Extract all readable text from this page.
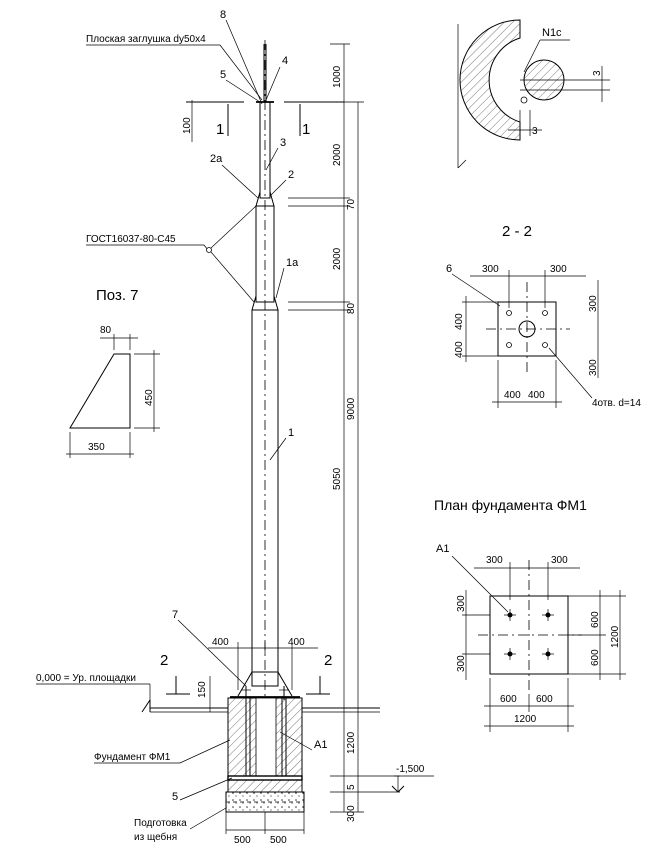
8
Плоская заглушка dy50x4
4
5
1	1
100
3
2а
2
ГОСТ16037-80-С45
1а
1
7
400	400
2	2
0,000 = Ур. площадки
150
А1
Фундамент ФМ1
5
Подготовка
из щебня	500 500
1000
2000
70
2000
80
9000
5050
1200
5
300
-1,500
Поз. 7
80
450
350
3
3
N1с
2 - 2
300	300
6
400
400
300
300
400 400
4отв. d=14
План фундамента ФМ1
А1
300	300
300
300
600
600
1200
600 600
1200
